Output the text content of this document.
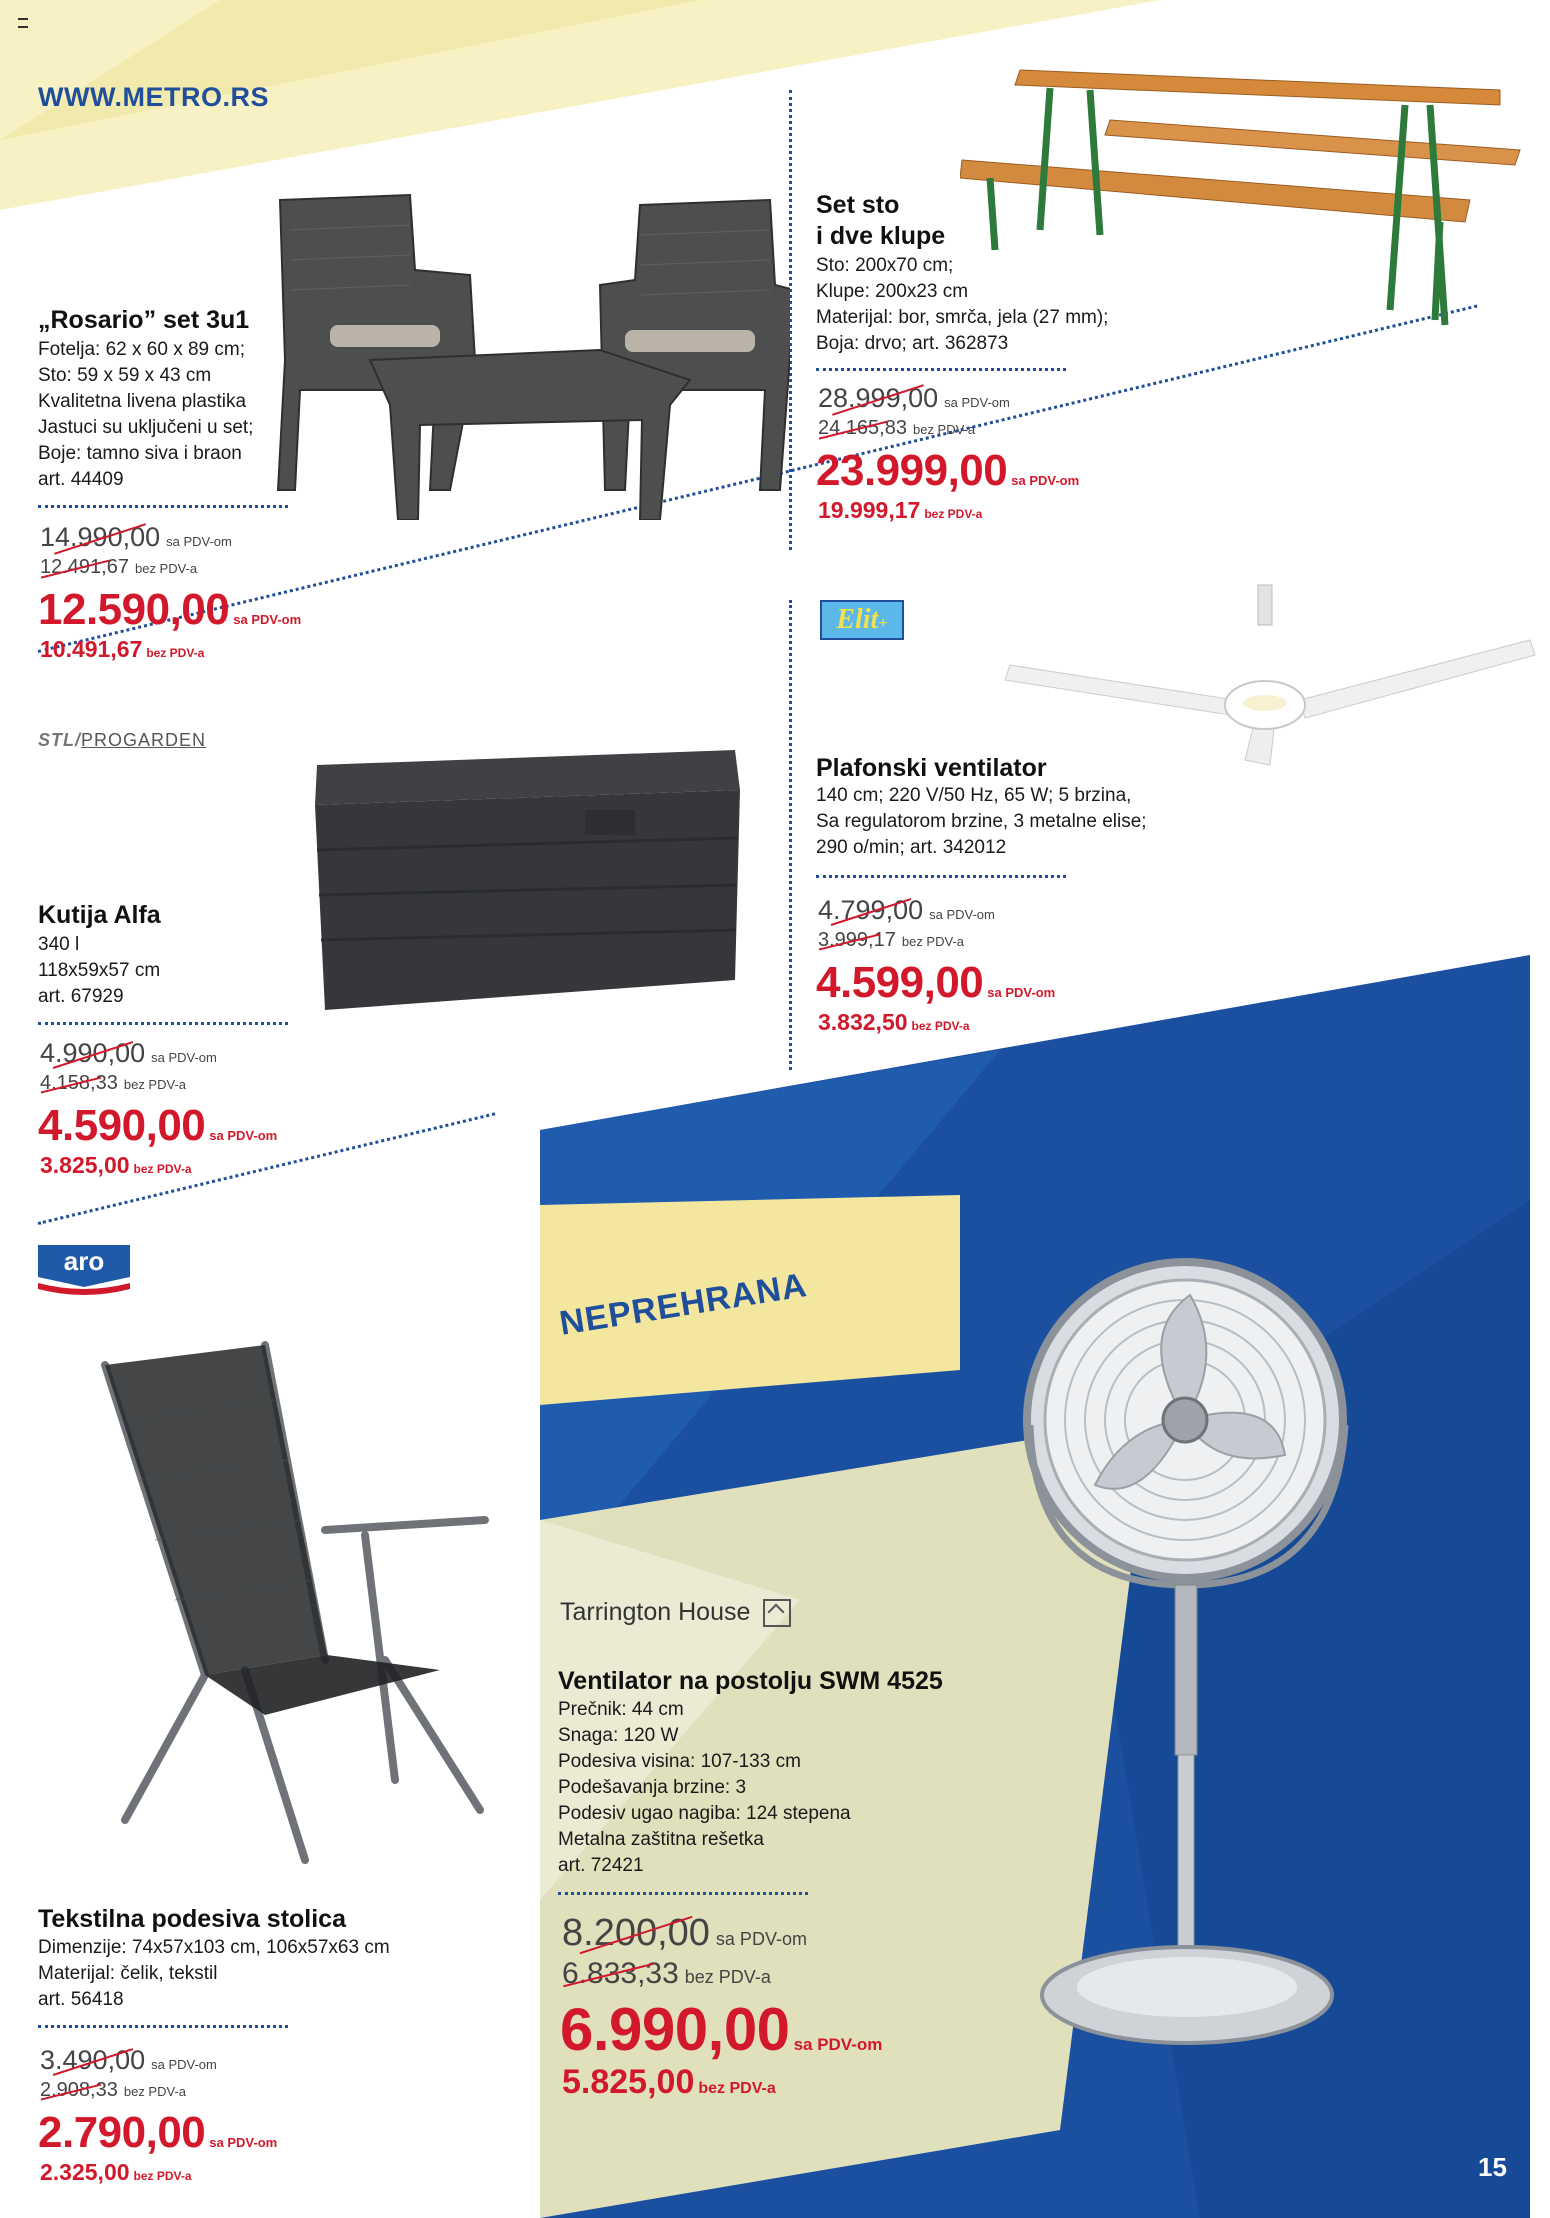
WWW.METRO.RS
„Rosario” set 3u1
Fotelja: 62 x 60 x 89 cm;
Sto: 59 x 59 x 43 cm
Kvalitetna livena plastika
Jastuci su uključeni u set;
Boje: tamno siva i braon
art. 44409
14.990,00 sa PDV-om
12.491,67 bez PDV-a
12.590,00 sa PDV-om
10.491,67 bez PDV-a
Set sto
i dve klupe
Sto: 200x70 cm;
Klupe: 200x23 cm
Materijal: bor, smrča, jela (27 mm);
Boja: drvo; art. 362873
28.999,00 sa PDV-om
24.165,83 bez PDV-a
23.999,00 sa PDV-om
19.999,17 bez PDV-a
STL/PROGARDEN
Kutija Alfa
340 l
118x59x57 cm
art. 67929
4.990,00 sa PDV-om
4.158,33 bez PDV-a
4.590,00 sa PDV-om
3.825,00 bez PDV-a
Elit+
Plafonski ventilator
140 cm; 220 V/50 Hz, 65 W; 5 brzina,
Sa regulatorom brzine, 3 metalne elise;
290 o/min; art. 342012
4.799,00 sa PDV-om
3.999,17 bez PDV-a
4.599,00 sa PDV-om
3.832,50 bez PDV-a
aro
Tekstilna podesiva stolica
Dimenzije: 74x57x103 cm, 106x57x63 cm
Materijal: čelik, tekstil
art. 56418
3.490,00 sa PDV-om
2.908,33 bez PDV-a
2.790,00 sa PDV-om
2.325,00 bez PDV-a
NEPREHRANA
Tarrington House
Ventilator na postolju SWM 4525
Prečnik: 44 cm
Snaga: 120 W
Podesiva visina: 107-133 cm
Podešavanja brzine: 3
Podesiv ugao nagiba: 124 stepena
Metalna zaštitna rešetka
art. 72421
8.200,00 sa PDV-om
6.833,33 bez PDV-a
6.990,00 sa PDV-om
5.825,00 bez PDV-a
15
